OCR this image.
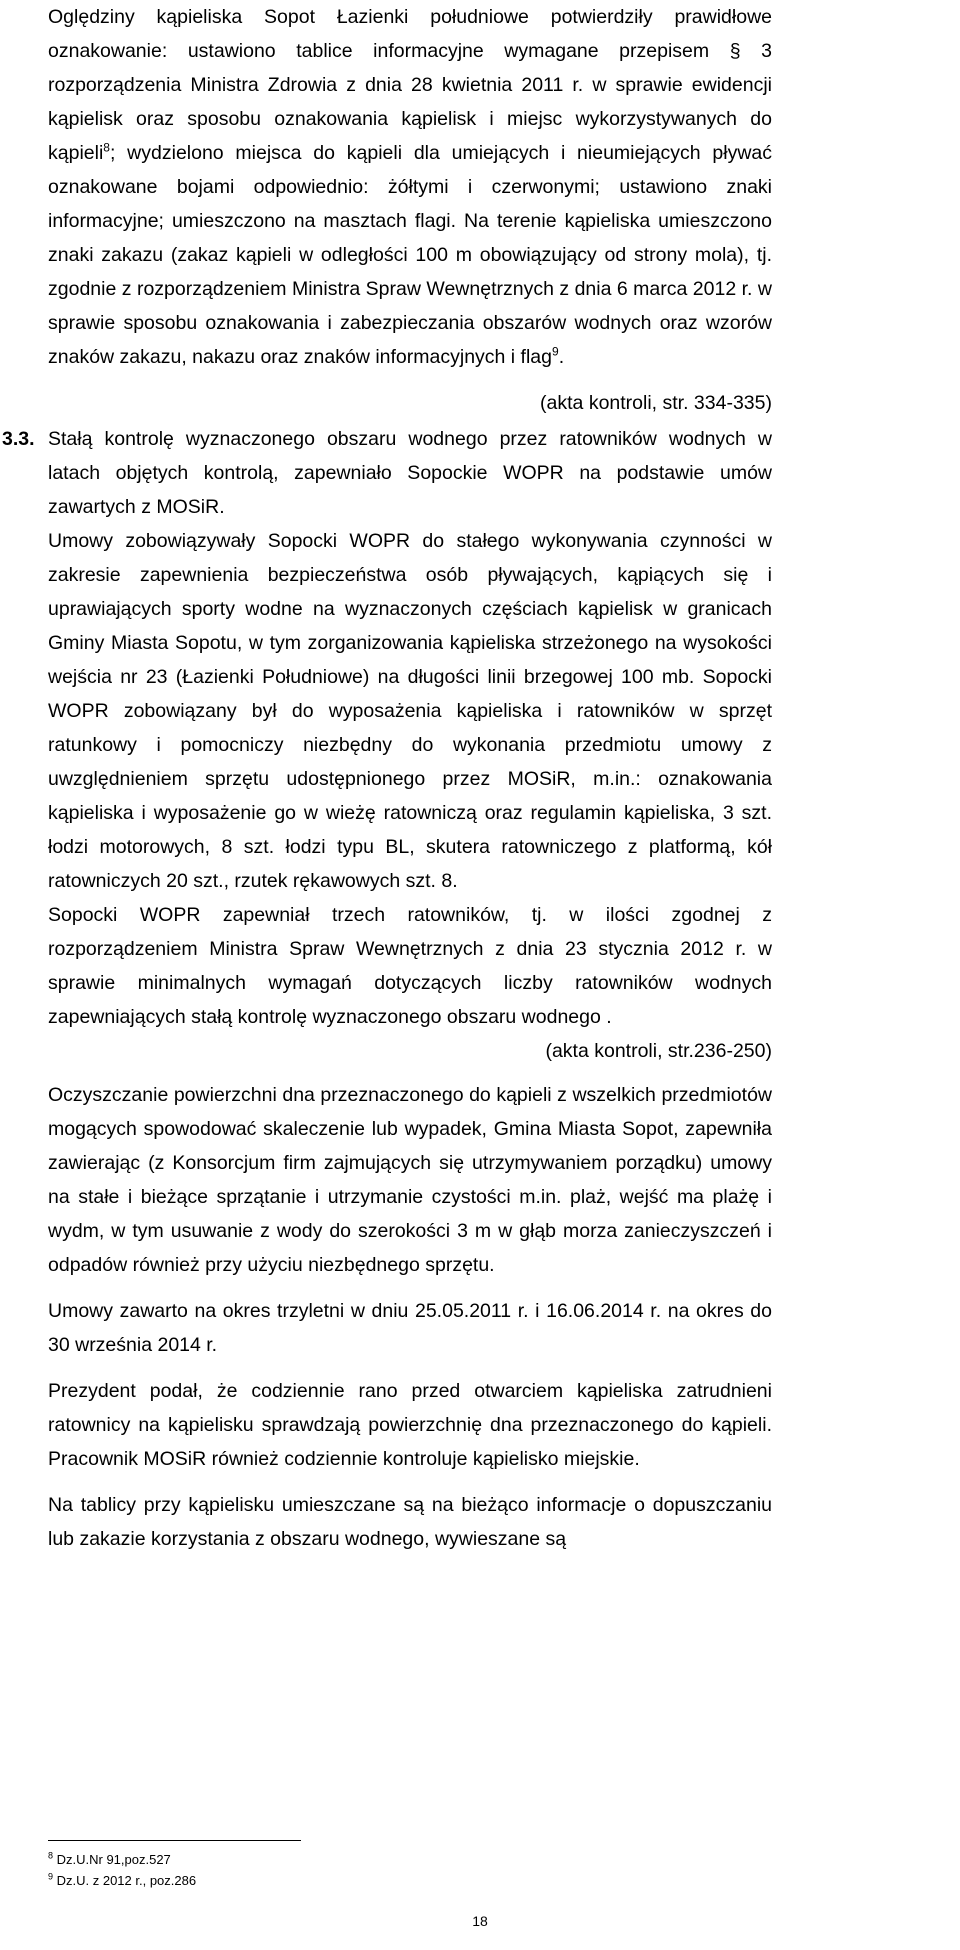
Oględziny kąpieliska Sopot Łazienki południowe potwierdziły prawidłowe oznakowanie: ustawiono tablice informacyjne wymagane przepisem § 3 rozporządzenia Ministra Zdrowia z dnia 28 kwietnia 2011 r. w sprawie ewidencji kąpielisk oraz sposobu oznakowania kąpielisk i miejsc wykorzystywanych do kąpieli$^8$; wydzielono miejsca do kąpieli dla umiejących i nieumiejących pływać oznakowane bojami odpowiednio: żółtymi i czerwonymi; ustawiono znaki informacyjne; umieszczono na masztach flagi. Na terenie kąpieliska umieszczono znaki zakazu (zakaz kąpieli w odległości 100 m obowiązujący od strony mola), tj. zgodnie z rozporządzeniem Ministra Spraw Wewnętrznych z dnia 6 marca 2012 r. w sprawie sposobu oznakowania i zabezpieczania obszarów wodnych oraz wzorów znaków zakazu, nakazu oraz znaków informacyjnych i flag$^9$.

(akta kontroli, str. 334-335)

3.3. Stałą kontrolę wyznaczonego obszaru wodnego przez ratowników wodnych w latach objętych kontrolą, zapewniało Sopockie WOPR na podstawie umów zawartych z MOSiR.

Umowy zobowiązywały Sopocki WOPR do stałego wykonywania czynności w zakresie zapewnienia bezpieczeństwa osób pływających, kąpiących się i uprawiających sporty wodne na wyznaczonych częściach kąpielisk w granicach Gminy Miasta Sopotu, w tym zorganizowania kąpieliska strzeżonego na wysokości wejścia nr 23 (Łazienki Południowe) na długości linii brzegowej 100 mb. Sopocki WOPR zobowiązany był do wyposażenia kąpieliska i ratowników w sprzęt ratunkowy i pomocniczy niezbędny do wykonania przedmiotu umowy z uwzględnieniem sprzętu udostępnionego przez MOSiR, m.in.: oznakowania kąpieliska i wyposażenie go w wieżę ratowniczą oraz regulamin kąpieliska, 3 szt. łodzi motorowych, 8 szt. łodzi typu BL, skutera ratowniczego z platformą, kół ratowniczych 20 szt., rzutek rękawowych szt. 8.

Sopocki WOPR zapewniał trzech ratowników, tj. w ilości zgodnej z rozporządzeniem Ministra Spraw Wewnętrznych z dnia 23 stycznia 2012 r. w sprawie minimalnych wymagań dotyczących liczby ratowników wodnych zapewniających stałą kontrolę wyznaczonego obszaru wodnego .

(akta kontroli, str.236-250)

Oczyszczanie powierzchni dna przeznaczonego do kąpieli z wszelkich przedmiotów mogących spowodować skaleczenie lub wypadek, Gmina Miasta Sopot, zapewniła zawierając (z Konsorcjum firm zajmujących się utrzymywaniem porządku) umowy na stałe i bieżące sprzątanie i utrzymanie czystości m.in. plaż, wejść ma plażę i wydm, w tym usuwanie z wody do szerokości 3 m w głąb morza zanieczyszczeń i odpadów również przy użyciu niezbędnego sprzętu.

Umowy zawarto na okres trzyletni w dniu 25.05.2011 r. i 16.06.2014 r. na okres do 30 września 2014 r.

Prezydent podał, że codziennie rano przed otwarciem kąpieliska zatrudnieni ratownicy na kąpielisku sprawdzają powierzchnię dna przeznaczonego do kąpieli. Pracownik MOSiR również codziennie kontroluje kąpielisko miejskie.

Na tablicy przy kąpielisku umieszczane są na bieżąco informacje o dopuszczaniu lub zakazie korzystania z obszaru wodnego, wywieszane są

$^8$ Dz.U.Nr 91,poz.527

$^9$ Dz.U. z 2012 r., poz.286

18
